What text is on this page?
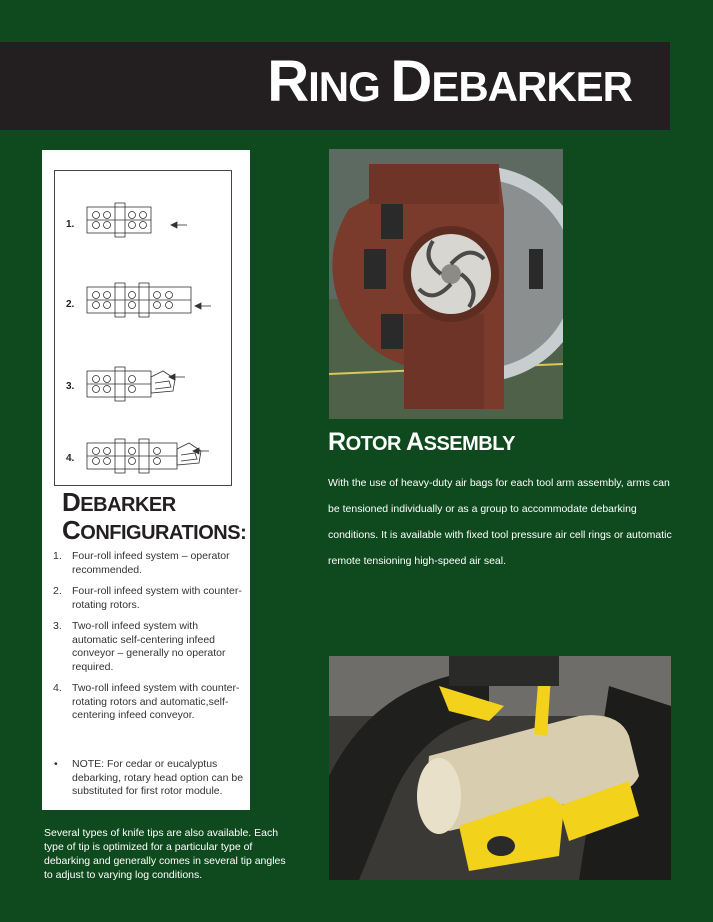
RING DEBARKER
1.
2.
3.
4.
DEBARKER
CONFIGURATIONS:
1. Four-roll infeed system – operator recommended.
2. Four-roll infeed system with counter-rotating rotors.
3. Two-roll infeed system with automatic self-centering infeed conveyor – generally no operator required.
4. Two-roll infeed system with counter-rotating rotors and automatic,self-centering infeed conveyor.
• NOTE: For cedar or eucalyptus debarking, rotary head option can be substituted for first rotor module.
Several types of knife tips are also available. Each type of tip is optimized for a particular type of debarking and generally comes in several tip angles to adjust to varying log conditions.
ROTOR ASSEMBLY
With the use of heavy-duty air bags for each tool arm assembly, arms can be tensioned individually or as a group to accommodate debarking conditions. It is available with fixed tool pressure air cell rings or automatic remote tensioning high-speed air seal.
